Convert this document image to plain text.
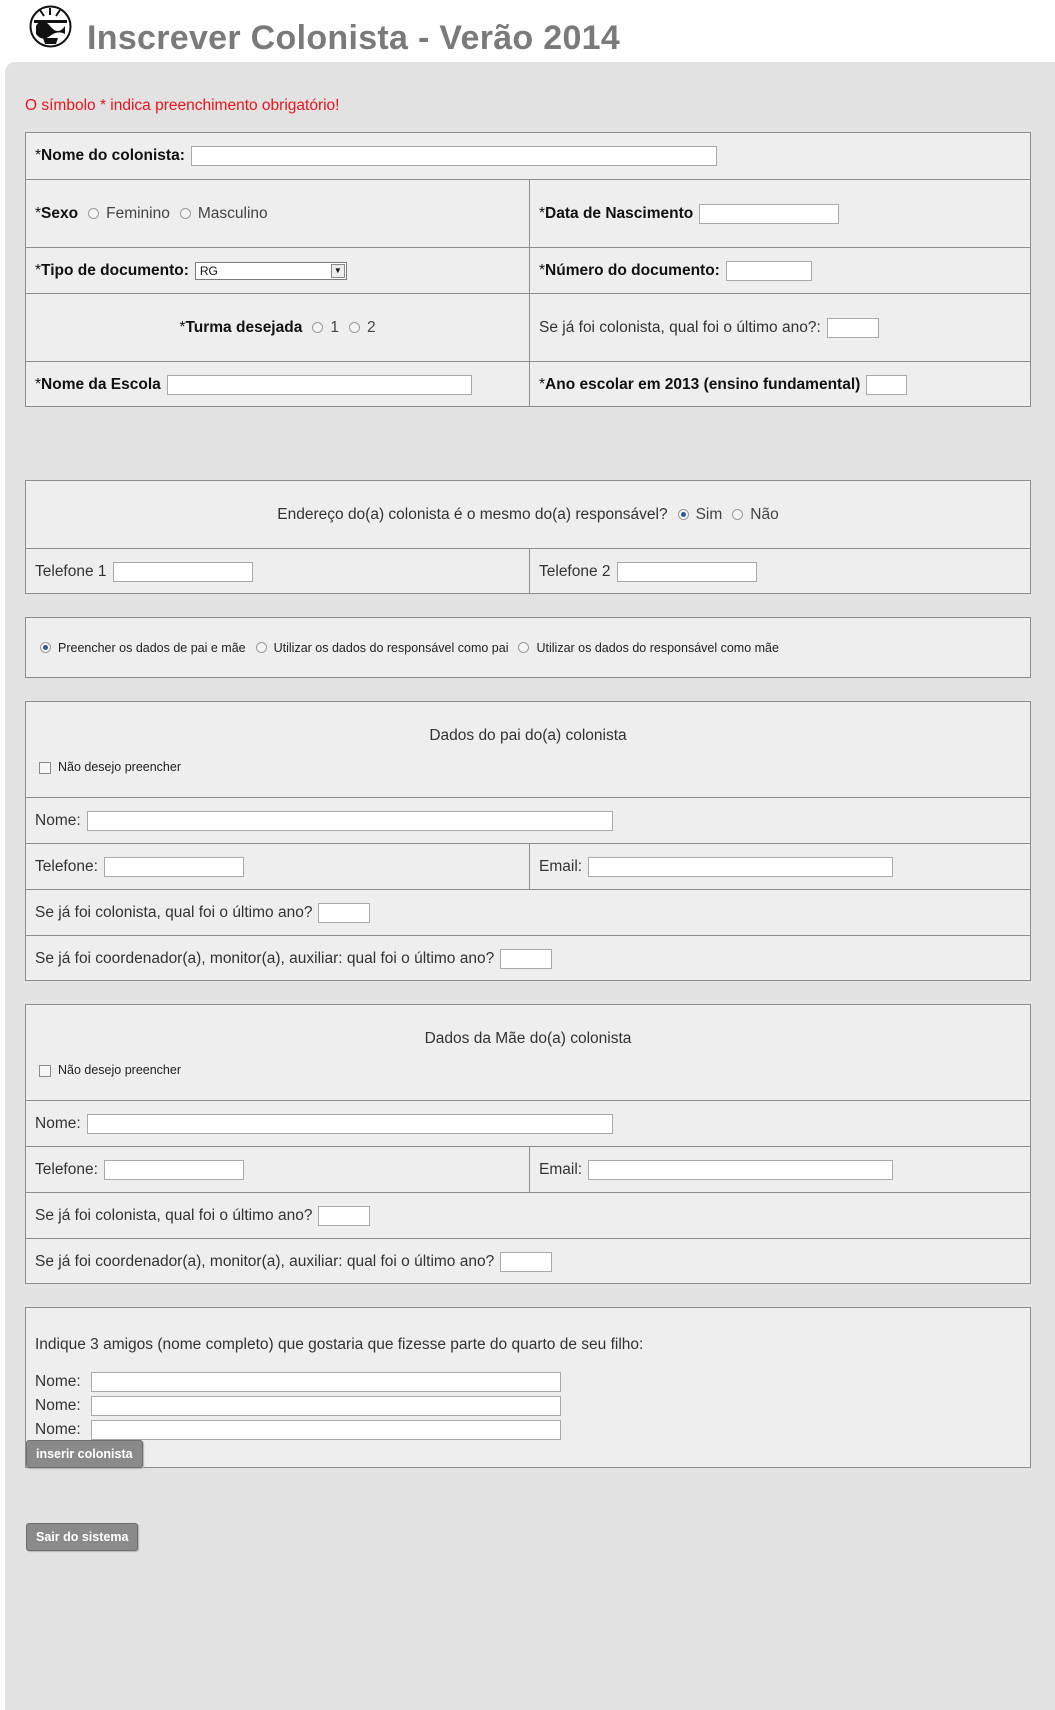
Inscrever Colonista - Verão 2014
O símbolo * indica preenchimento obrigatório!
* Nome do colonista:
* Sexo Feminino Masculino	* Data de Nascimento
* Tipo de documento: RG	▼	* Número do documento:
* Turma desejada 1 2	Se já foi colonista, qual foi o último ano?:
* Nome da Escola	* Ano escolar em 2013 (ensino fundamental)
Endereço do(a) colonista é o mesmo do(a) responsável? Sim Não
Telefone 1	Telefone 2
Preencher os dados de pai e mãe Utilizar os dados do responsável como pai Utilizar os dados do responsável como mãe
Dados do pai do(a) colonista
Não desejo preencher
Nome:
Telefone:	Email:
Se já foi colonista, qual foi o último ano?
Se já foi coordenador(a), monitor(a), auxiliar: qual foi o último ano?
Dados da Mãe do(a) colonista
Não desejo preencher
Nome:
Telefone:	Email:
Se já foi colonista, qual foi o último ano?
Se já foi coordenador(a), monitor(a), auxiliar: qual foi o último ano?
Indique 3 amigos (nome completo) que gostaria que fizesse parte do quarto de seu filho:
Nome:
Nome:
Nome:
inserir colonista
Sair do sistema
